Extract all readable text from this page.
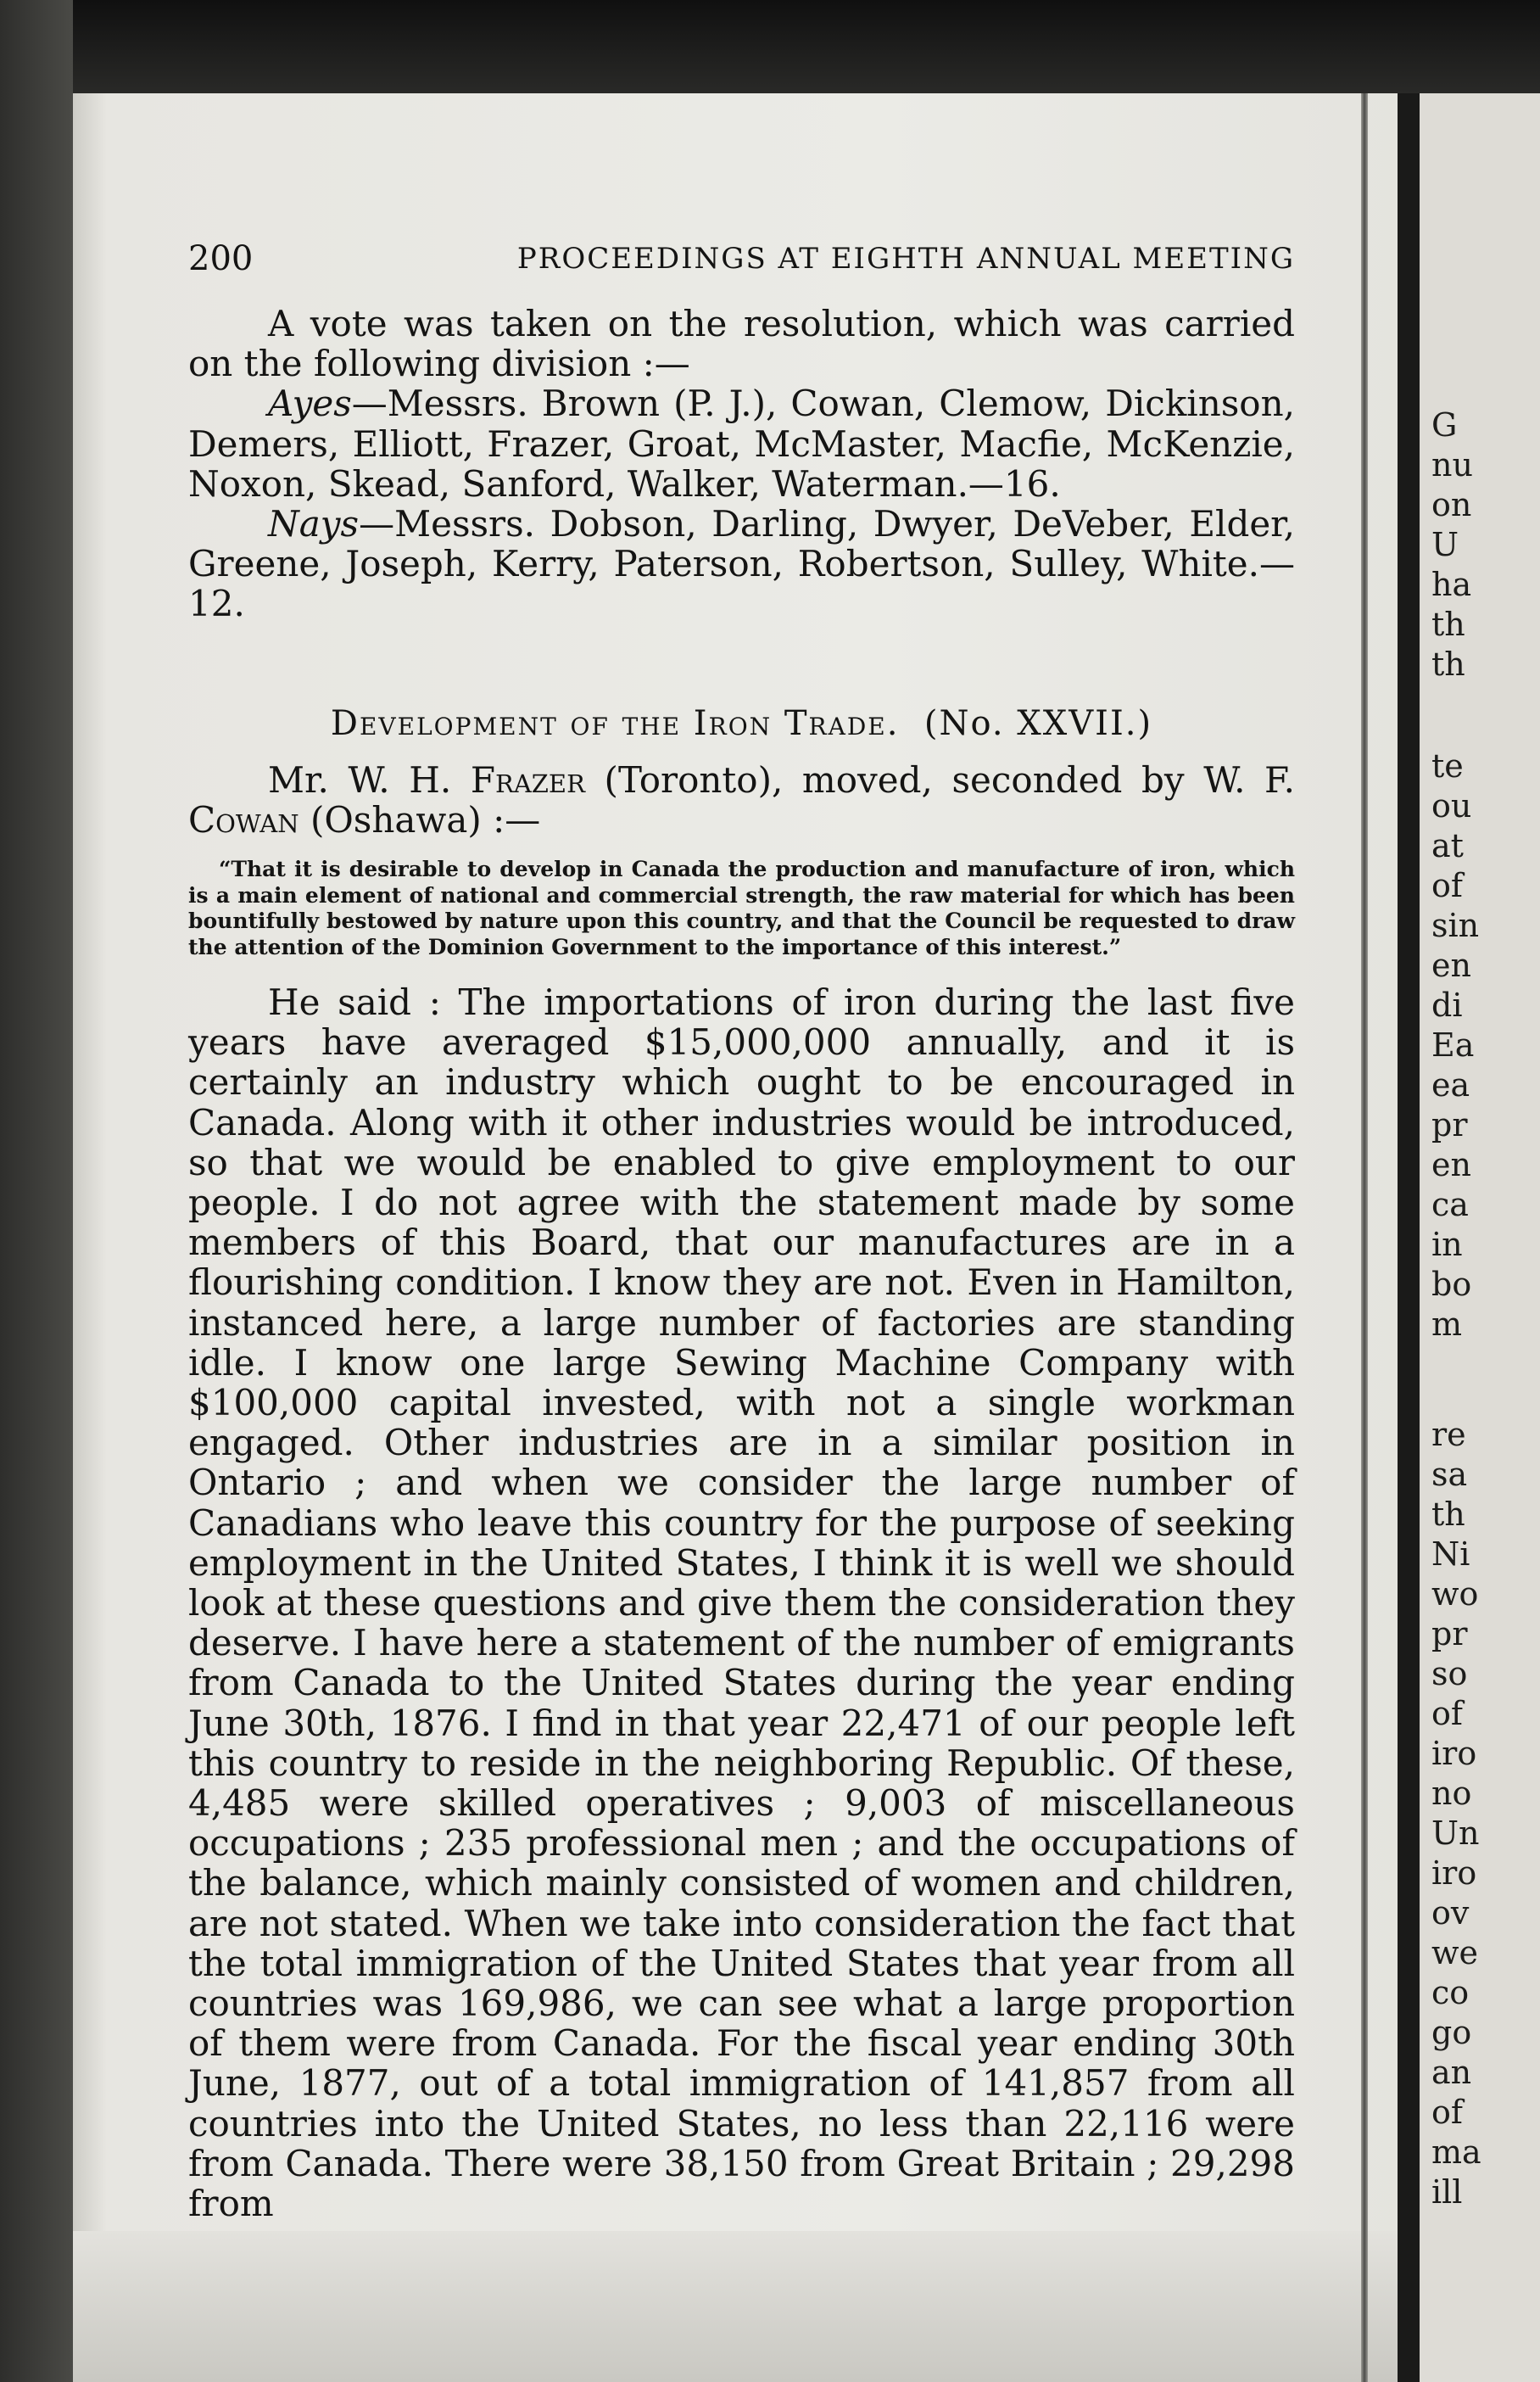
G
nu
on
U
ha
th
th
te
ou
at
of
sin
en
di
Ea
ea
pr
en
ca
in
bo
m
re
sa
th
Ni
wo
pr
so
of
iro
no
Un
iro
ov
we
co
go
an
of
ma
ill
200	PROCEEDINGS AT EIGHTH ANNUAL MEETING

A vote was taken on the resolution, which was carried on the following division :—

Ayes—Messrs. Brown (P. J.), Cowan, Clemow, Dickinson, Demers, Elliott, Frazer, Groat, McMaster, Macfie, McKenzie, Noxon, Skead, Sanford, Walker, Waterman.—16.

Nays—Messrs. Dobson, Darling, Dwyer, DeVeber, Elder, Greene, Joseph, Kerry, Paterson, Robertson, Sulley, White.—12.

Development of the Iron Trade. (No. XXVII.)

Mr. W. H. Frazer (Toronto), moved, seconded by W. F. Cowan (Oshawa) :—

“That it is desirable to develop in Canada the production and manufacture of iron, which is a main element of national and commercial strength, the raw material for which has been bountifully bestowed by nature upon this country, and that the Council be requested to draw the attention of the Dominion Government to the importance of this interest.”

He said : The importations of iron during the last five years have averaged $15,000,000 annually, and it is certainly an industry which ought to be encouraged in Canada. Along with it other industries would be introduced, so that we would be enabled to give employment to our people. I do not agree with the statement made by some members of this Board, that our manufactures are in a flourishing condition. I know they are not. Even in Hamilton, instanced here, a large number of factories are standing idle. I know one large Sewing Machine Company with $100,000 capital invested, with not a single workman engaged. Other industries are in a similar position in Ontario ; and when we consider the large number of Canadians who leave this country for the purpose of seeking employment in the United States, I think it is well we should look at these questions and give them the consideration they deserve. I have here a statement of the number of emigrants from Canada to the United States during the year ending June 30th, 1876. I find in that year 22,471 of our people left this country to reside in the neighboring Republic. Of these, 4,485 were skilled operatives ; 9,003 of miscellaneous occupations ; 235 professional men ; and the occupations of the balance, which mainly consisted of women and children, are not stated. When we take into consideration the fact that the total immigration of the United States that year from all countries was 169,986, we can see what a large proportion of them were from Canada. For the fiscal year ending 30th June, 1877, out of a total immigration of 141,857 from all countries into the United States, no less than 22,116 were from Canada. There were 38,150 from Great Britain ; 29,298 from
